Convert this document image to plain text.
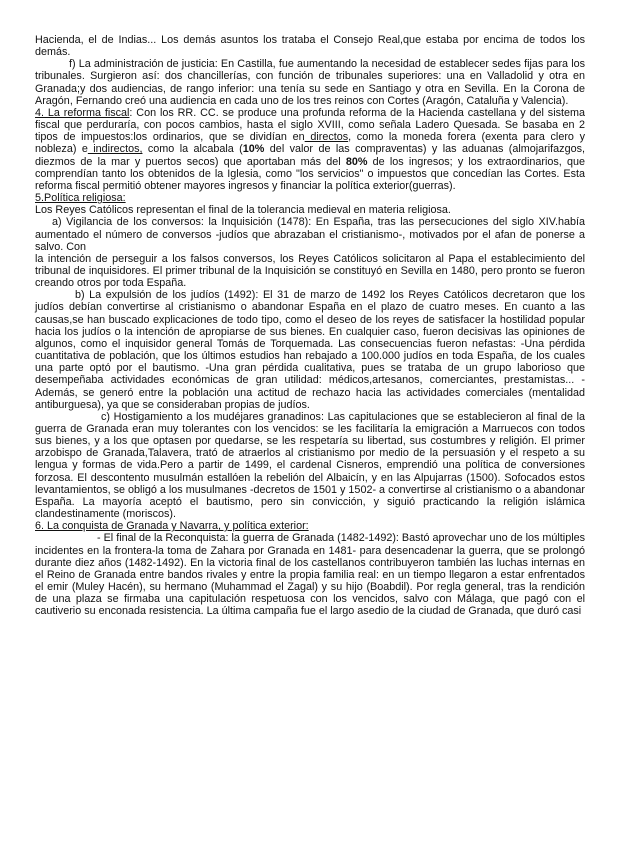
Hacienda, el de Indias... Los demás asuntos los trataba el Consejo Real,que estaba por encima de todos los demás.

f) La administración de justicia: En Castilla, fue aumentando la necesidad de establecer sedes fijas para los tribunales. Surgieron así: dos chancillerías, con función de tribunales superiores: una en Valladolid y otra en Granada;y dos audiencias, de rango inferior: una tenía su sede en Santiago y otra en Sevilla. En la Corona de Aragón, Fernando creó una audiencia en cada uno de los tres reinos con Cortes (Aragón, Cataluña y Valencia).

4. La reforma fiscal: Con los RR. CC. se produce una profunda reforma de la Hacienda castellana y del sistema fiscal que perduraría, con pocos cambios, hasta el siglo XVIII, como señala Ladero Quesada. Se basaba en 2 tipos de impuestos:los ordinarios, que se dividían en directos, como la moneda forera (exenta para clero y nobleza) e indirectos, como la alcabala (10% del valor de las compraventas) y las aduanas (almojarifazgos, diezmos de la mar y puertos secos) que aportaban más del 80% de los ingresos; y los extraordinarios, que comprendían tanto los obtenidos de la Iglesia, como "los servicios" o impuestos que concedían las Cortes. Esta reforma fiscal permitió obtener mayores ingresos y financiar la política exterior(guerras).

5.Política religiosa:

Los Reyes Católicos representan el final de la tolerancia medieval en materia religiosa.

a) Vigilancia de los conversos: la Inquisición (1478): En España, tras las persecuciones del siglo XIV.había aumentado el número de conversos -judíos que abrazaban el cristianismo-, motivados por el afan de ponerse a salvo. Con

la intención de perseguir a los falsos conversos, los Reyes Católicos solicitaron al Papa el establecimiento del tribunal de inquisidores. El primer tribunal de la Inquisición se constituyó en Sevilla en 1480, pero pronto se fueron creando otros por toda España.

b) La expulsión de los judíos (1492): El 31 de marzo de 1492 los Reyes Católicos decretaron que los judíos debían convertirse al cristianismo o abandonar España en el plazo de cuatro meses. En cuanto a las causas,se han buscado explicaciones de todo tipo, como el deseo de los reyes de satisfacer la hostilidad popular hacia los judíos o la intención de apropiarse de sus bienes. En cualquier caso, fueron decisivas las opiniones de algunos, como el inquisidor general Tomás de Torquemada. Las consecuencias fueron nefastas: -Una pérdida cuantitativa de población, que los últimos estudios han rebajado a 100.000 judíos en toda España, de los cuales una parte optó por el bautismo. -Una gran pérdida cualitativa, pues se trataba de un grupo laborioso que desempeñaba actividades económicas de gran utilidad: médicos,artesanos, comerciantes, prestamistas... -Además, se generó entre la población una actitud de rechazo hacia las actividades comerciales (mentalidad antiburguesa), ya que se consideraban propias de judíos.

c) Hostigamiento a los mudéjares granadinos: Las capitulaciones que se establecieron al final de la guerra de Granada eran muy tolerantes con los vencidos: se les facilitaría la emigración a Marruecos con todos sus bienes, y a los que optasen por quedarse, se les respetaría su libertad, sus costumbres y religión. El primer arzobispo de Granada,Talavera, trató de atraerlos al cristianismo por medio de la persuasión y el respeto a su lengua y formas de vida.Pero a partir de 1499, el cardenal Cisneros, emprendió una política de conversiones forzosa. El descontento musulmán estallóen la rebelión del Albaicín, y en las Alpujarras (1500). Sofocados estos levantamientos, se obligó a los musulmanes -decretos de 1501 y 1502- a convertirse al cristianismo o a abandonar España. La mayoría aceptó el bautismo, pero sin convicción, y siguió practicando la religión islámica clandestinamente (moriscos).

6. La conquista de Granada y Navarra, y política exterior:

- El final de la Reconquista: la guerra de Granada (1482-1492): Bastó aprovechar uno de los múltiples incidentes en la frontera-la toma de Zahara por Granada en 1481- para desencadenar la guerra, que se prolongó durante diez años (1482-1492). En la victoria final de los castellanos contribuyeron también las luchas internas en el Reino de Granada entre bandos rivales y entre la propia familia real: en un tiempo llegaron a estar enfrentados el emir (Muley Hacén), su hermano (Muhammad el Zagal) y su hijo (Boabdil). Por regla general, tras la rendición de una plaza se firmaba una capitulación respetuosa con los vencidos, salvo con Málaga, que pagó con el cautiverio su enconada resistencia. La última campaña fue el largo asedio de la ciudad de Granada, que duró casi
